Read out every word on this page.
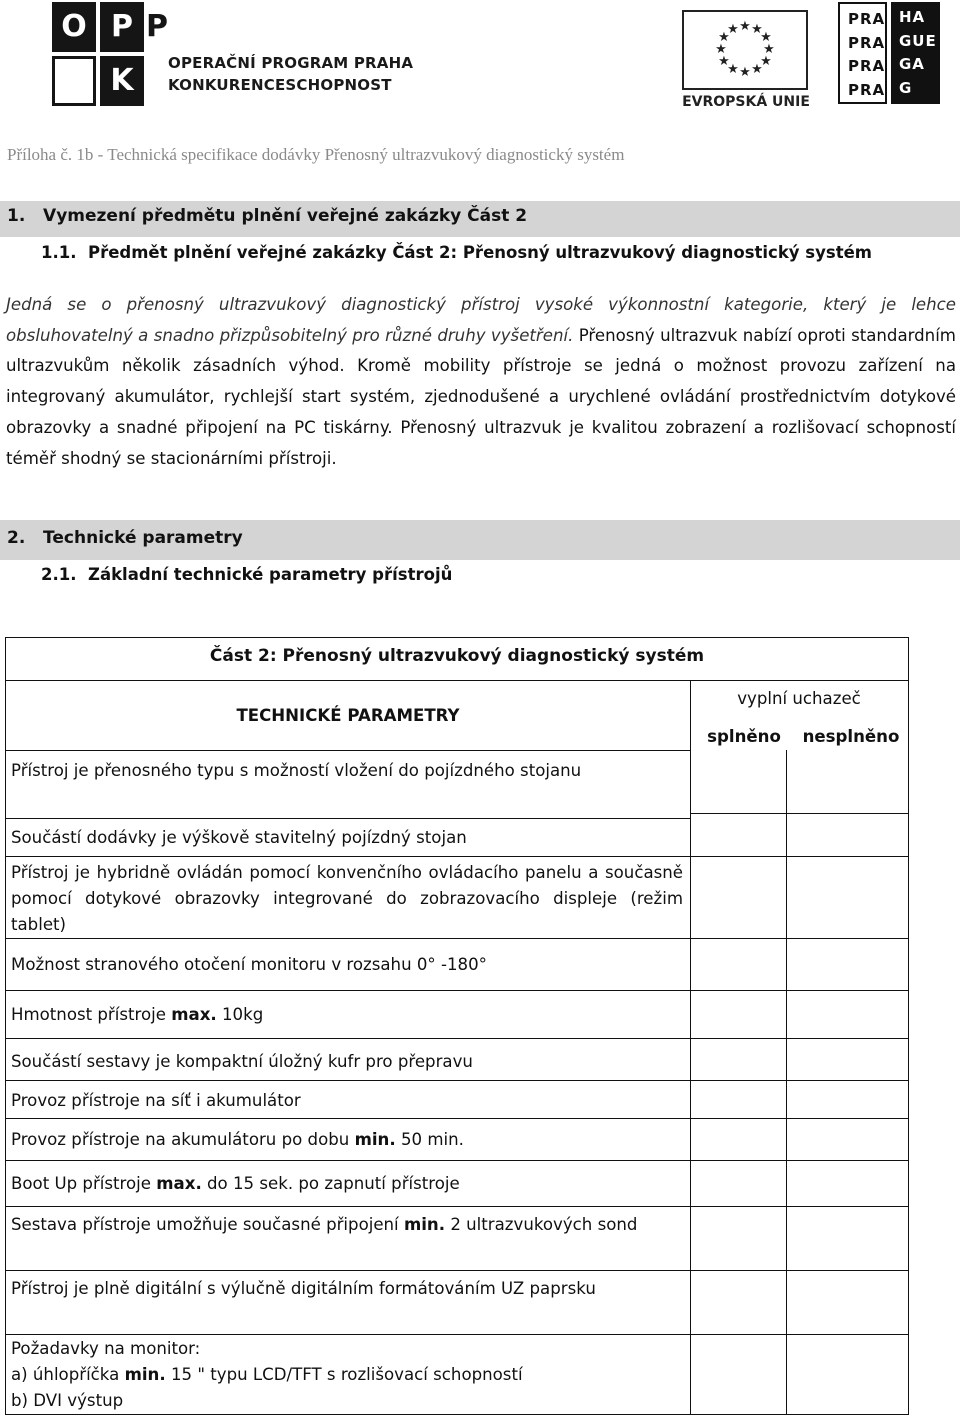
O P P
K	OPERAČNÍ PROGRAM PRAHA
KONKURENCESCHOPNOST
★ ★
★
★
★
★
★
★
★
★
★
★
EVROPSKÁ UNIE
PRA
PRA
PRA
PRA
HA
GUE
GA
G
Příloha č. 1b - Technická specifikace dodávky Přenosný ultrazvukový diagnostický systém
1.   Vymezení předmětu plnění veřejné zakázky Část 2
1.1.  Předmět plnění veřejné zakázky Část 2: Přenosný ultrazvukový diagnostický systém
Jedná se o přenosný ultrazvukový diagnostický přístroj vysoké výkonnostní kategorie, který je lehce obsluhovatelný a snadno přizpůsobitelný pro různé druhy vyšetření. Přenosný ultrazvuk nabízí oproti standardním ultrazvukům několik zásadních výhod. Kromě mobility přístroje se jedná o možnost provozu zařízení na integrovaný akumulátor, rychlejší start systém, zjednodušené a urychlené ovládání prostřednictvím dotykové obrazovky a snadné připojení na PC tiskárny. Přenosný ultrazvuk je kvalitou zobrazení a rozlišovací schopností téměř shodný se stacionárními přístroji.
2.   Technické parametry
2.1.  Základní technické parametry přístrojů
Část 2: Přenosný ultrazvukový diagnostický systém
TECHNICKÉ PARAMETRY
vyplní uchazeč
splněno	nesplněno
Přístroj je přenosného typu s možností vložení do pojízdného stojanu
Součástí dodávky je výškově stavitelný pojízdný stojan
Přístroj je hybridně ovládán pomocí konvenčního ovládacího panelu a současně pomocí dotykové obrazovky integrované do zobrazovacího displeje (režim tablet)
Možnost stranového otočení monitoru v rozsahu 0° -180°
Hmotnost přístroje max. 10kg
Součástí sestavy je kompaktní úložný kufr pro přepravu
Provoz přístroje na síť i akumulátor
Provoz přístroje na akumulátoru po dobu min. 50 min.
Boot Up přístroje max. do 15 sek. po zapnutí přístroje
Sestava přístroje umožňuje současné připojení min. 2 ultrazvukových sond
Přístroj je plně digitální s výlučně digitálním formátováním UZ paprsku
Požadavky na monitor:
a) úhlopříčka min. 15 " typu LCD/TFT s rozlišovací schopností
b) DVI výstup
